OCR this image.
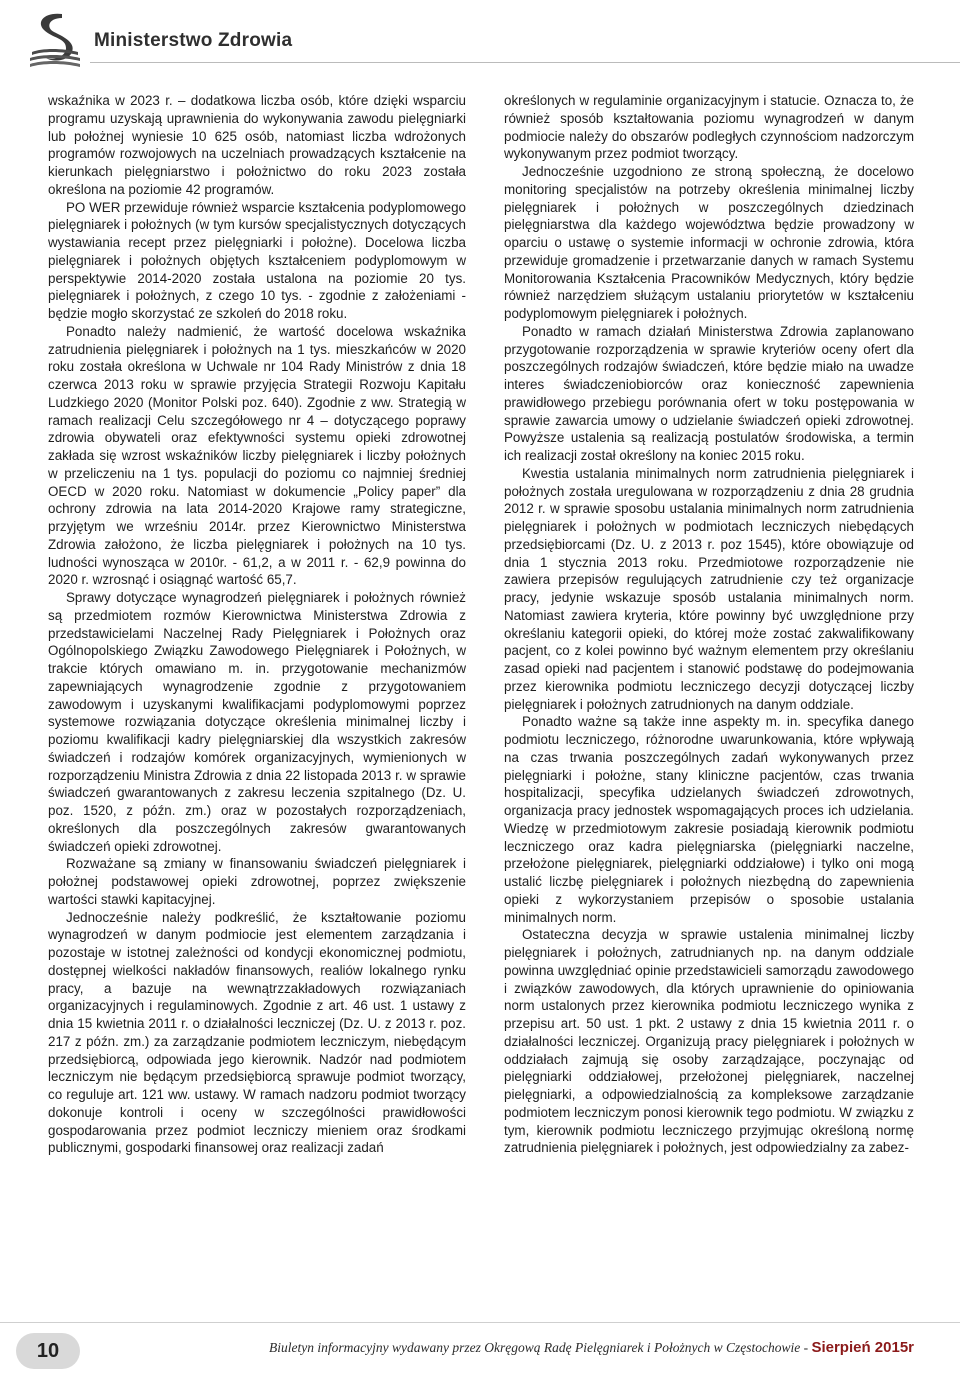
Ministerstwo Zdrowia

wskaźnika w 2023 r. – dodatkowa liczba osób, które dzięki wsparciu programu uzyskają uprawnienia do wykonywania zawodu pielęgniarki lub położnej wyniesie 10 625 osób, natomiast liczba wdrożonych programów rozwojowych na uczelniach prowadzących kształcenie na kierunkach pielęgniarstwo i położnictwo do roku 2023 została określona na poziomie 42 programów.

PO WER przewiduje również wsparcie kształcenia podyplomowego pielęgniarek i położnych (w tym kursów specjalistycznych dotyczących wystawiania recept przez pielęgniarki i położne). Docelowa liczba pielęgniarek i położnych objętych kształceniem podyplomowym w perspektywie 2014-2020 została ustalona na poziomie 20 tys. pielęgniarek i położnych, z czego 10 tys. - zgodnie z założeniami - będzie mogło skorzystać ze szkoleń do 2018 roku.

Ponadto należy nadmienić, że wartość docelowa wskaźnika zatrudnienia pielęgniarek i położnych na 1 tys. mieszkańców w 2020 roku została określona w Uchwale nr 104 Rady Ministrów z dnia 18 czerwca 2013 roku w sprawie przyjęcia Strategii Rozwoju Kapitału Ludzkiego 2020 (Monitor Polski poz. 640). Zgodnie z ww. Strategią w ramach realizacji Celu szczegółowego nr 4 – dotyczącego poprawy zdrowia obywateli oraz efektywności systemu opieki zdrowotnej zakłada się wzrost wskaźników liczby pielęgniarek i liczby położnych w przeliczeniu na 1 tys. populacji do poziomu co najmniej średniej OECD w 2020 roku. Natomiast w dokumencie „Policy paper” dla ochrony zdrowia na lata 2014-2020 Krajowe ramy strategiczne, przyjętym we wrześniu 2014r. przez Kierownictwo Ministerstwa Zdrowia założono, że liczba pielęgniarek i położnych na 10 tys. ludności wynosząca w 2010r. - 61,2, a w 2011 r. - 62,9 powinna do 2020 r. wzrosnąć i osiągnąć wartość 65,7.

Sprawy dotyczące wynagrodzeń pielęgniarek i położnych również są przedmiotem rozmów Kierownictwa Ministerstwa Zdrowia z przedstawicielami Naczelnej Rady Pielęgniarek i Położnych oraz Ogólnopolskiego Związku Zawodowego Pielęgniarek i Położnych, w trakcie których omawiano m. in. przygotowanie mechanizmów zapewniających wynagrodzenie zgodnie z przygotowaniem zawodowym i uzyskanymi kwalifikacjami podyplomowymi poprzez systemowe rozwiązania dotyczące określenia minimalnej liczby i poziomu kwalifikacji kadry pielęgniarskiej dla wszystkich zakresów świadczeń i rodzajów komórek organizacyjnych, wymienionych w rozporządzeniu Ministra Zdrowia z dnia 22 listopada 2013 r. w sprawie świadczeń gwarantowanych z zakresu leczenia szpitalnego (Dz. U. poz. 1520, z późn. zm.) oraz w pozostałych rozporządzeniach, określonych dla poszczególnych zakresów gwarantowanych świadczeń opieki zdrowotnej.

Rozważane są zmiany w finansowaniu świadczeń pielęgniarek i położnej podstawowej opieki zdrowotnej, poprzez zwiększenie wartości stawki kapitacyjnej.

Jednocześnie należy podkreślić, że kształtowanie poziomu wynagrodzeń w danym podmiocie jest elementem zarządzania i pozostaje w istotnej zależności od kondycji ekonomicznej podmiotu, dostępnej wielkości nakładów finansowych, realiów lokalnego rynku pracy, a bazuje na wewnątrzzakładowych rozwiązaniach organizacyjnych i regulaminowych. Zgodnie z art. 46 ust. 1 ustawy z dnia 15 kwietnia 2011 r. o działalności leczniczej (Dz. U. z 2013 r. poz. 217 z późn. zm.) za zarządzanie podmiotem leczniczym, niebędącym przedsiębiorcą, odpowiada jego kierownik. Nadzór nad podmiotem leczniczym nie będącym przedsiębiorcą sprawuje podmiot tworzący, co reguluje art. 121 ww. ustawy. W ramach nadzoru podmiot tworzący dokonuje kontroli i oceny w szczególności prawidłowości gospodarowania przez podmiot leczniczy mieniem oraz środkami publicznymi, gospodarki finansowej oraz realizacji zadań

określonych w regulaminie organizacyjnym i statucie. Oznacza to, że również sposób kształtowania poziomu wynagrodzeń w danym podmiocie należy do obszarów podległych czynnościom nadzorczym wykonywanym przez podmiot tworzący.

Jednocześnie uzgodniono ze stroną społeczną, że docelowo monitoring specjalistów na potrzeby określenia minimalnej liczby pielęgniarek i położnych w poszczególnych dziedzinach pielęgniarstwa dla każdego województwa będzie prowadzony w oparciu o ustawę o systemie informacji w ochronie zdrowia, która przewiduje gromadzenie i przetwarzanie danych w ramach Systemu Monitorowania Kształcenia Pracowników Medycznych, który będzie również narzędziem służącym ustalaniu priorytetów w kształceniu podyplomowym pielęgniarek i położnych.

Ponadto w ramach działań Ministerstwa Zdrowia zaplanowano przygotowanie rozporządzenia w sprawie kryteriów oceny ofert dla poszczególnych rodzajów świadczeń, które będzie miało na uwadze interes świadczeniobiorców oraz konieczność zapewnienia prawidłowego przebiegu porównania ofert w toku postępowania w sprawie zawarcia umowy o udzielanie świadczeń opieki zdrowotnej. Powyższe ustalenia są realizacją postulatów środowiska, a termin ich realizacji został określony na koniec 2015 roku.

Kwestia ustalania minimalnych norm zatrudnienia pielęgniarek i położnych została uregulowana w rozporządzeniu z dnia 28 grudnia 2012 r. w sprawie sposobu ustalania minimalnych norm zatrudnienia pielęgniarek i położnych w podmiotach leczniczych niebędących przedsiębiorcami (Dz. U. z 2013 r. poz 1545), które obowiązuje od dnia 1 stycznia 2013 roku. Przedmiotowe rozporządzenie nie zawiera przepisów regulujących zatrudnienie czy też organizacje pracy, jedynie wskazuje sposób ustalania minimalnych norm. Natomiast zawiera kryteria, które powinny być uwzględnione przy określaniu kategorii opieki, do której może zostać zakwalifikowany pacjent, co z kolei powinno być ważnym elementem przy określaniu zasad opieki nad pacjentem i stanowić podstawę do podejmowania przez kierownika podmiotu leczniczego decyzji dotyczącej liczby pielęgniarek i położnych zatrudnionych na danym oddziale.

Ponadto ważne są także inne aspekty m. in. specyfika danego podmiotu leczniczego, różnorodne uwarunkowania, które wpływają na czas trwania poszczególnych zadań wykonywanych przez pielęgniarki i położne, stany kliniczne pacjentów, czas trwania hospitalizacji, specyfika udzielanych świadczeń zdrowotnych, organizacja pracy jednostek wspomagających proces ich udzielania. Wiedzę w przedmiotowym zakresie posiadają kierownik podmiotu leczniczego oraz kadra pielęgniarska (pielęgniarki naczelne, przełożone pielęgniarek, pielęgniarki oddziałowe) i tylko oni mogą ustalić liczbę pielęgniarek i położnych niezbędną do zapewnienia opieki z wykorzystaniem przepisów o sposobie ustalania minimalnych norm.

Ostateczna decyzja w sprawie ustalenia minimalnej liczby pielęgniarek i położnych, zatrudnianych np. na danym oddziale powinna uwzględniać opinie przedstawicieli samorządu zawodowego i związków zawodowych, dla których uprawnienie do opiniowania norm ustalonych przez kierownika podmiotu leczniczego wynika z przepisu art. 50 ust. 1 pkt. 2 ustawy z dnia 15 kwietnia 2011 r. o działalności leczniczej. Organizują pracy pielęgniarek i położnych w oddziałach zajmują się osoby zarządzające, poczynając od pielęgniarki oddziałowej, przełożonej pielęgniarek, naczelnej pielęgniarki, a odpowiedzialnością za kompleksowe zarządzanie podmiotem leczniczym ponosi kierownik tego podmiotu. W związku z tym, kierownik podmiotu leczniczego przyjmując określoną normę zatrudnienia pielęgniarek i położnych, jest odpowiedzialny za zabez-

10	Biuletyn informacyjny wydawany przez Okręgową Radę Pielęgniarek i Położnych w Częstochowie - Sierpień 2015r
